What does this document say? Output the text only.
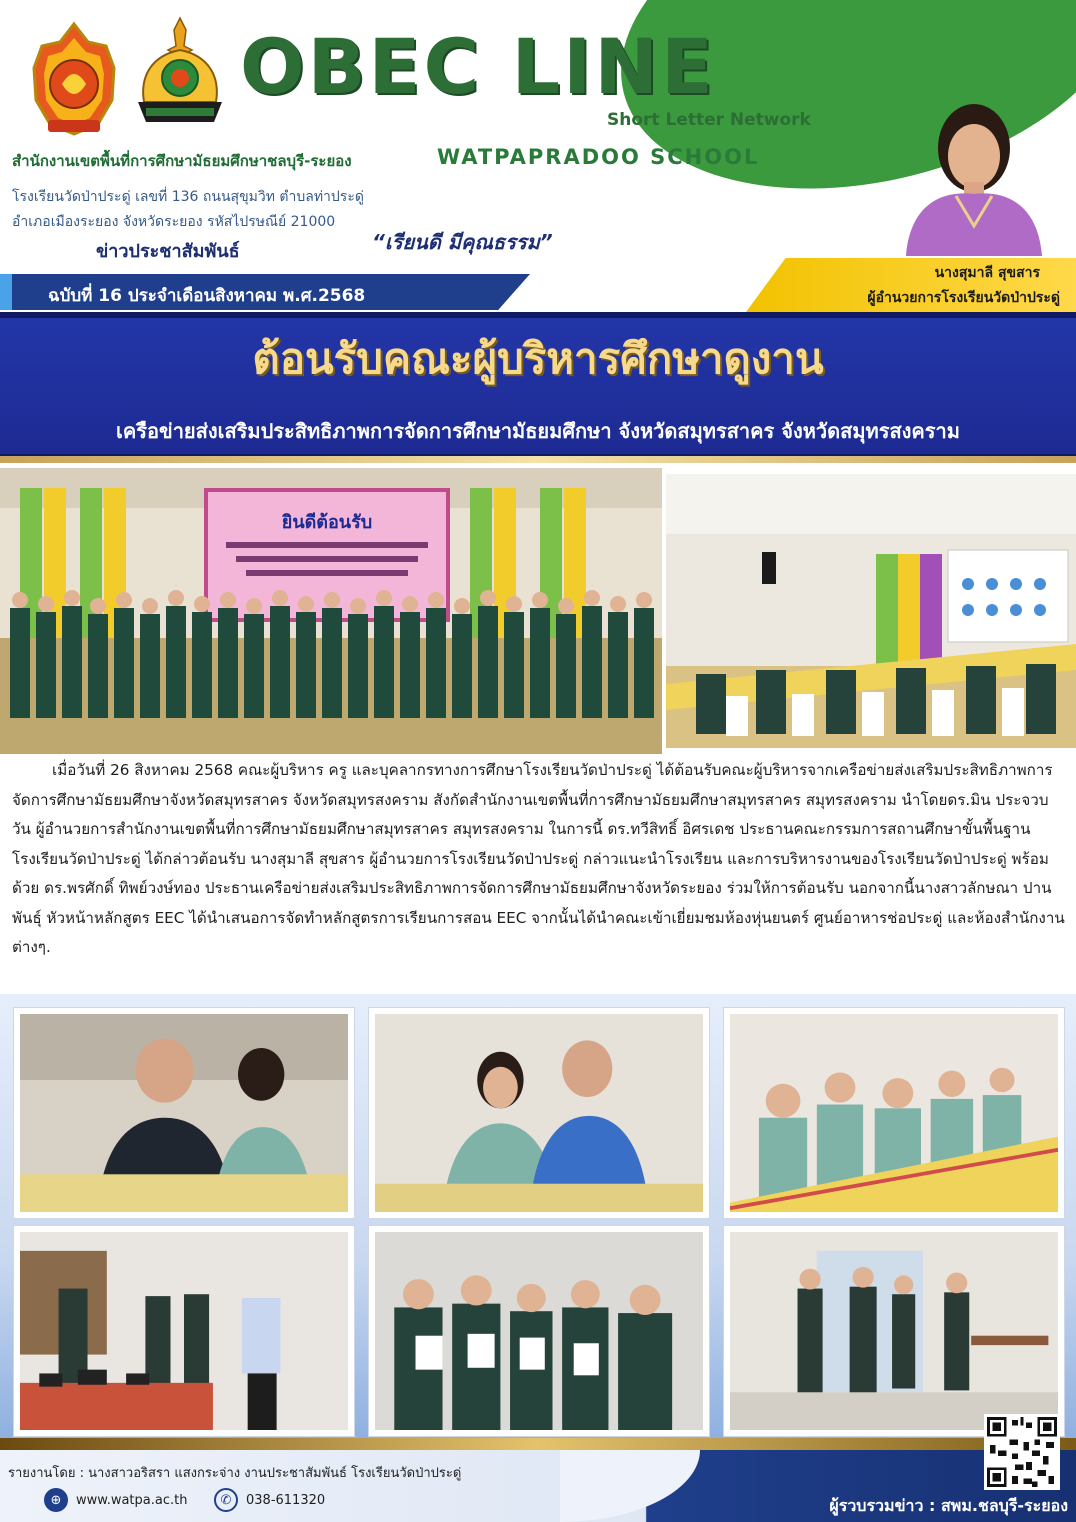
OBEC LINE
Short Letter Network
สำนักงานเขตพื้นที่การศึกษามัธยมศึกษาชลบุรี-ระยอง	WATPAPRADOO SCHOOL
โรงเรียนวัดป่าประดู่ เลขที่ 136 ถนนสุขุมวิท ตำบลท่าประดู่
อำเภอเมืองระยอง จังหวัดระยอง รหัสไปรษณีย์ 21000
ข่าวประชาสัมพันธ์	“เรียนดี มีคุณธรรม”
ฉบับที่ 16 ประจำเดือนสิงหาคม พ.ศ.2568
นางสุมาลี สุขสาร
ผู้อำนวยการโรงเรียนวัดป่าประดู่
ต้อนรับคณะผู้บริหารศึกษาดูงาน
เครือข่ายส่งเสริมประสิทธิภาพการจัดการศึกษามัธยมศึกษา จังหวัดสมุทรสาคร จังหวัดสมุทรสงคราม
ยินดีต้อนรับ
เมื่อวันที่ 26 สิงหาคม 2568 คณะผู้บริหาร ครู และบุคลากรทางการศึกษาโรงเรียนวัดป่าประดู่ ได้ต้อนรับคณะผู้บริหารจากเครือข่ายส่งเสริมประสิทธิภาพการจัดการศึกษามัธยมศึกษาจังหวัดสมุทรสาคร จังหวัดสมุทรสงคราม สังกัดสำนักงานเขตพื้นที่การศึกษามัธยมศึกษาสมุทรสาคร สมุทรสงคราม นำโดยดร.มิน ประจวบวัน ผู้อำนวยการสำนักงานเขตพื้นที่การศึกษามัธยมศึกษาสมุทรสาคร สมุทรสงคราม ในการนี้ ดร.ทวีสิทธิ์ อิศรเดช ประธานคณะกรรมการสถานศึกษาขั้นพื้นฐานโรงเรียนวัดป่าประดู่ ได้กล่าวต้อนรับ นางสุมาลี สุขสาร ผู้อำนวยการโรงเรียนวัดป่าประดู่ กล่าวแนะนำโรงเรียน และการบริหารงานของโรงเรียนวัดป่าประดู่ พร้อมด้วย ดร.พรศักดิ์ ทิพย์วงษ์ทอง ประธานเครือข่ายส่งเสริมประสิทธิภาพการจัดการศึกษามัธยมศึกษาจังหวัดระยอง ร่วมให้การต้อนรับ นอกจากนี้นางสาวลักษณา ปานพันธุ์ หัวหน้าหลักสูตร EEC ได้นำเสนอการจัดทำหลักสูตรการเรียนการสอน EEC จากนั้นได้นำคณะเข้าเยี่ยมชมห้องหุ่นยนตร์ ศูนย์อาหารช่อประดู่ และห้องสำนักงานต่างๆ.
รายงานโดย : นางสาวอริสรา แสงกระจ่าง งานประชาสัมพันธ์ โรงเรียนวัดป่าประดู่
⊕	www.watpa.ac.th	✆	038-611320	ผู้รวบรวมข่าว : สพม.ชลบุรี-ระยอง
